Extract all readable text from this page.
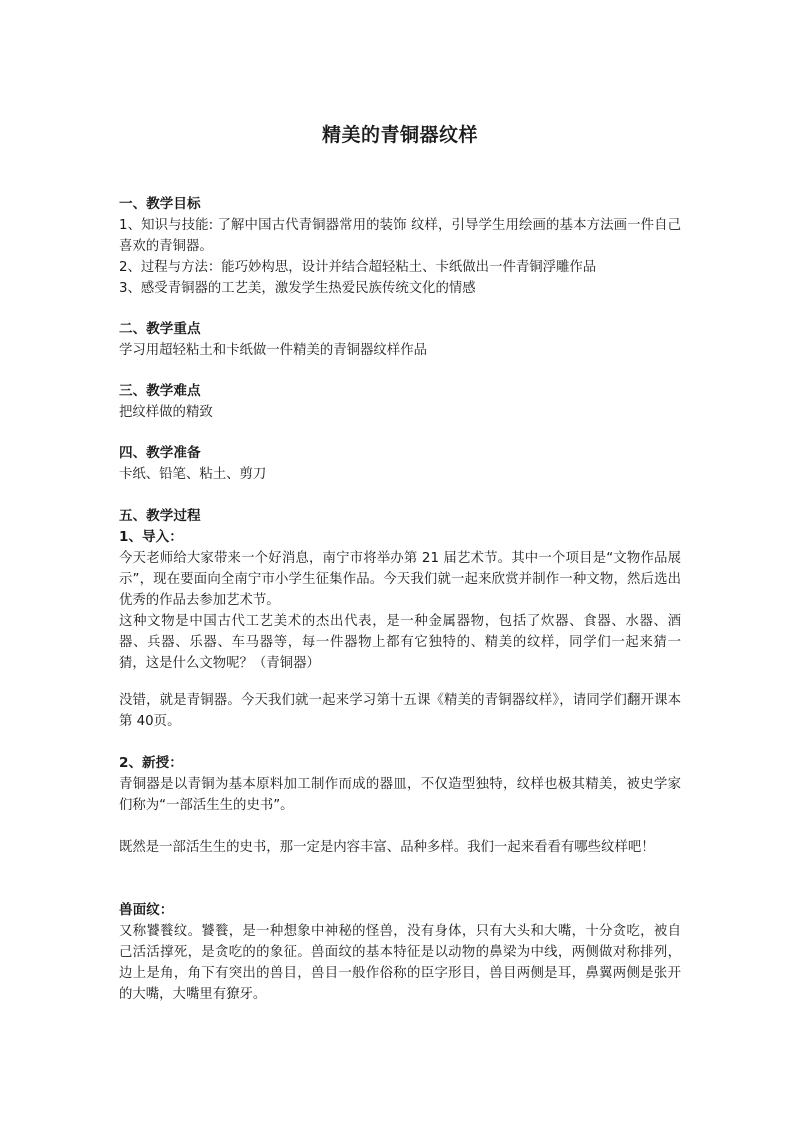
精美的青铜器纹样

一、教学目标

1、知识与技能: 了解中国古代青铜器常用的装饰 纹样，引导学生用绘画的基本方法画一件自己喜欢的青铜器。

2、过程与方法：能巧妙构思，设计并结合超轻粘土、卡纸做出一件青铜浮雕作品

3、感受青铜器的工艺美，激发学生热爱民族传统文化的情感

二、教学重点

学习用超轻粘土和卡纸做一件精美的青铜器纹样作品

三、教学难点

把纹样做的精致

四、教学准备

卡纸、铅笔、粘土、剪刀

五、教学过程

1、导入：

今天老师给大家带来一个好消息，南宁市将举办第 21 届艺术节。其中一个项目是“文物作品展示”，现在要面向全南宁市小学生征集作品。今天我们就一起来欣赏并制作一种文物，然后选出优秀的作品去参加艺术节。

这种文物是中国古代工艺美术的杰出代表，是一种金属器物，包括了炊器、食器、水器、酒器、兵器、乐器、车马器等，每一件器物上都有它独特的、精美的纹样，同学们一起来猜一猜，这是什么文物呢？（青铜器）

没错，就是青铜器。今天我们就一起来学习第十五课《精美的青铜器纹样》，请同学们翻开课本第 40页。

2、新授：

青铜器是以青铜为基本原料加工制作而成的器皿，不仅造型独特，纹样也极其精美，被史学家们称为“一部活生生的史书”。

既然是一部活生生的史书，那一定是内容丰富、品种多样。我们一起来看看有哪些纹样吧！

兽面纹：

又称饕餮纹。饕餮，是一种想象中神秘的怪兽，没有身体，只有大头和大嘴，十分贪吃，被自己活活撑死，是贪吃的的象征。兽面纹的基本特征是以动物的鼻梁为中线，两侧做对称排列，边上是角，角下有突出的兽目，兽目一般作俗称的臣字形目，兽目两侧是耳，鼻翼两侧是张开的大嘴，大嘴里有獠牙。
